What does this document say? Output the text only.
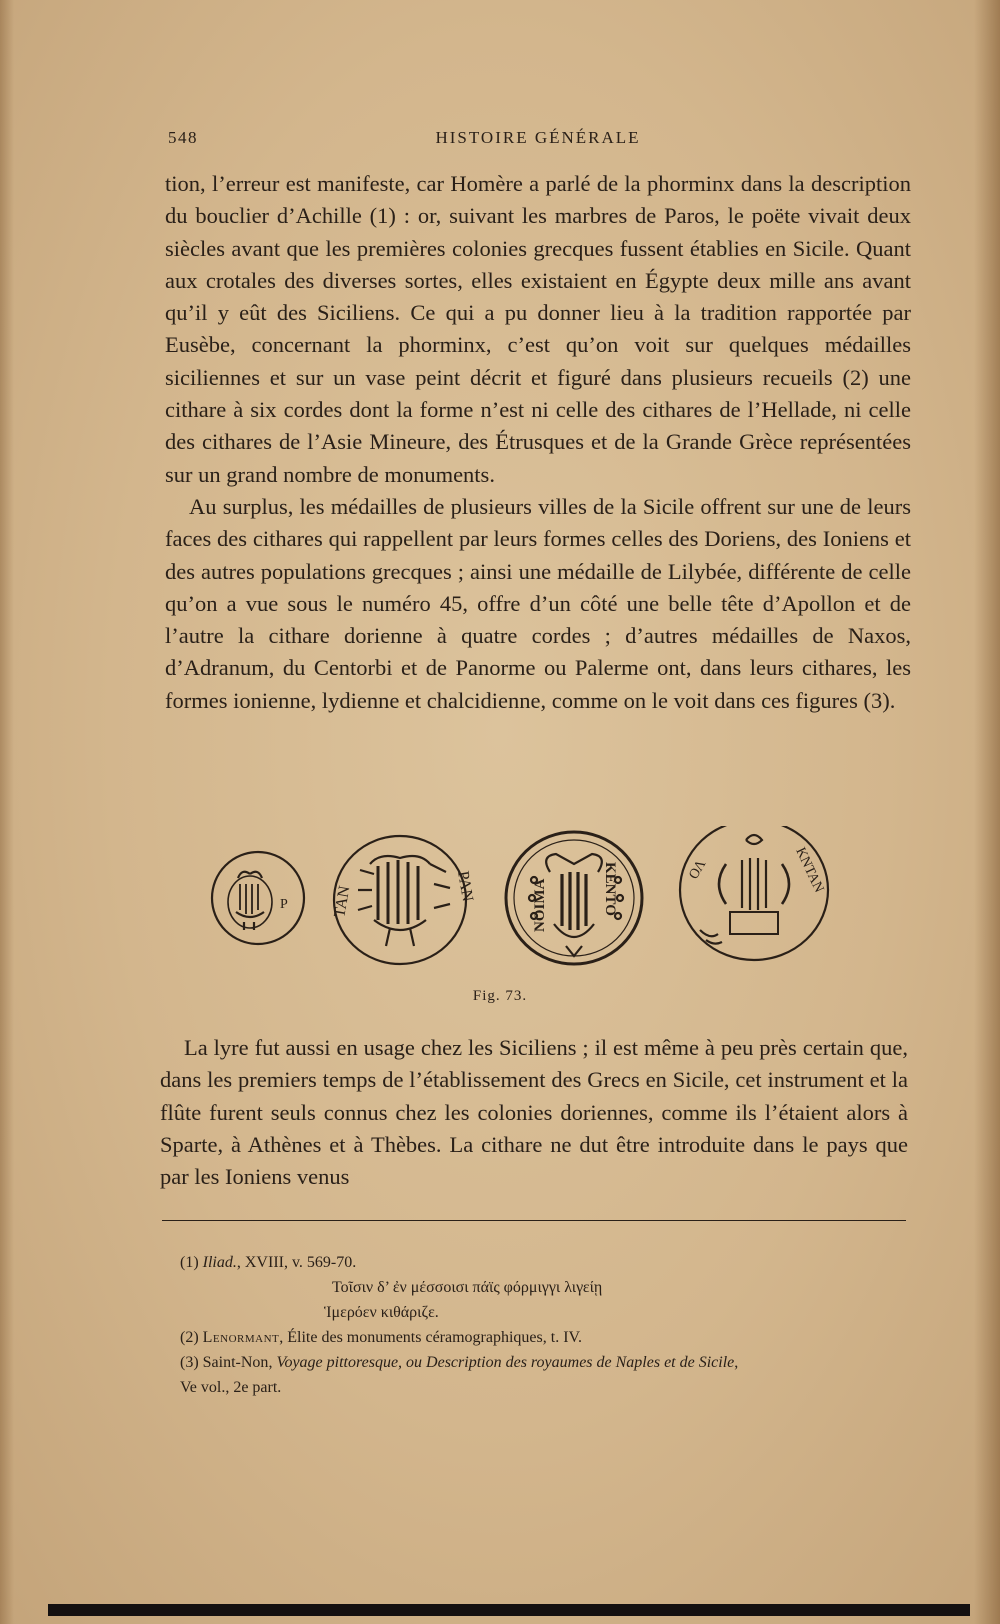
548	HISTOIRE GÉNÉRALE

tion, l’erreur est manifeste, car Homère a parlé de la phorminx dans la description du bouclier d’Achille (1) : or, suivant les marbres de Paros, le poëte vivait deux siècles avant que les premières colonies grecques fussent établies en Sicile. Quant aux crotales des diverses sortes, elles existaient en Égypte deux mille ans avant qu’il y eût des Siciliens. Ce qui a pu donner lieu à la tradition rapportée par Eusèbe, concernant la phorminx, c’est qu’on voit sur quelques médailles siciliennes et sur un vase peint décrit et figuré dans plusieurs recueils (2) une cithare à six cordes dont la forme n’est ni celle des cithares de l’Hellade, ni celle des cithares de l’Asie Mineure, des Étrusques et de la Grande Grèce représentées sur un grand nombre de monuments.

Au surplus, les médailles de plusieurs villes de la Sicile offrent sur une de leurs faces des cithares qui rappellent par leurs formes celles des Doriens, des Ioniens et des autres populations grecques ; ainsi une médaille de Lilybée, différente de celle qu’on a vue sous le numéro 45, offre d’un côté une belle tête d’Apollon et de l’autre la cithare dorienne à quatre cordes ; d’autres médailles de Naxos, d’Adranum, du Centorbi et de Panorme ou Palerme ont, dans leurs cithares, les formes ionienne, lydienne et chalcidienne, comme on le voit dans ces figures (3).

P	ΤΑΝ	ΡΑΝ	ΝΟΙΜΑ	ΚΕΝΤΟ	ΟΛ	ΚΝΤΑΝ
Fig. 73.

La lyre fut aussi en usage chez les Siciliens ; il est même à peu près certain que, dans les premiers temps de l’établissement des Grecs en Sicile, cet instrument et la flûte furent seuls connus chez les colonies doriennes, comme ils l’étaient alors à Sparte, à Athènes et à Thèbes. La cithare ne dut être introduite dans le pays que par les Ioniens venus

(1) Iliad., XVIII, v. 569-70.
Τοῖσιν δ’ ἐν μέσσοισι πάϊς φόρμιγγι λιγείῃ
Ἱμερόεν κιθάριζε.
(2) Lenormant, Élite des monuments céramographiques, t. IV.
(3) Saint-Non, Voyage pittoresque, ou Description des royaumes de Naples et de Sicile,
Ve vol., 2e part.
